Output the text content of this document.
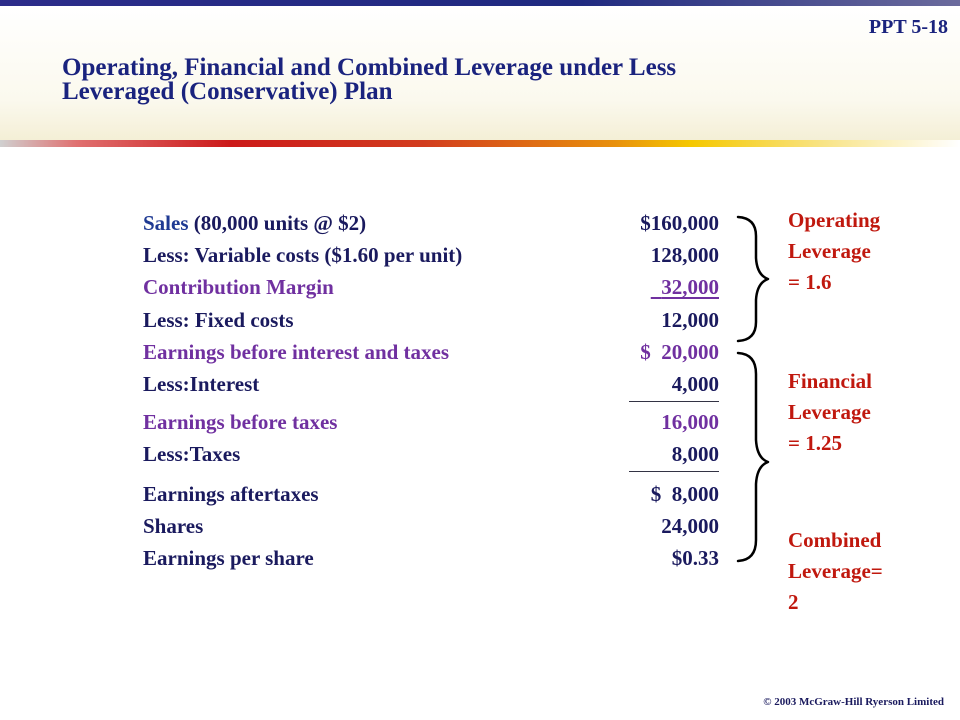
PPT 5-18
Operating, Financial and Combined Leverage under Less
Leveraged (Conservative) Plan
Sales (80,000 units @ $2)	$160,000
Less: Variable costs ($1.60 per unit)	128,000
Contribution Margin	32,000
Less: Fixed costs	12,000
Earnings before interest and taxes	$  20,000
Less:Interest	4,000
Earnings before taxes	16,000
Less:Taxes	8,000
Earnings aftertaxes	$  8,000
Shares	24,000
Earnings per share	$0.33
Operating
Leverage
= 1.6
Financial
Leverage
= 1.25
Combined
Leverage=
2
© 2003 McGraw-Hill Ryerson Limited
